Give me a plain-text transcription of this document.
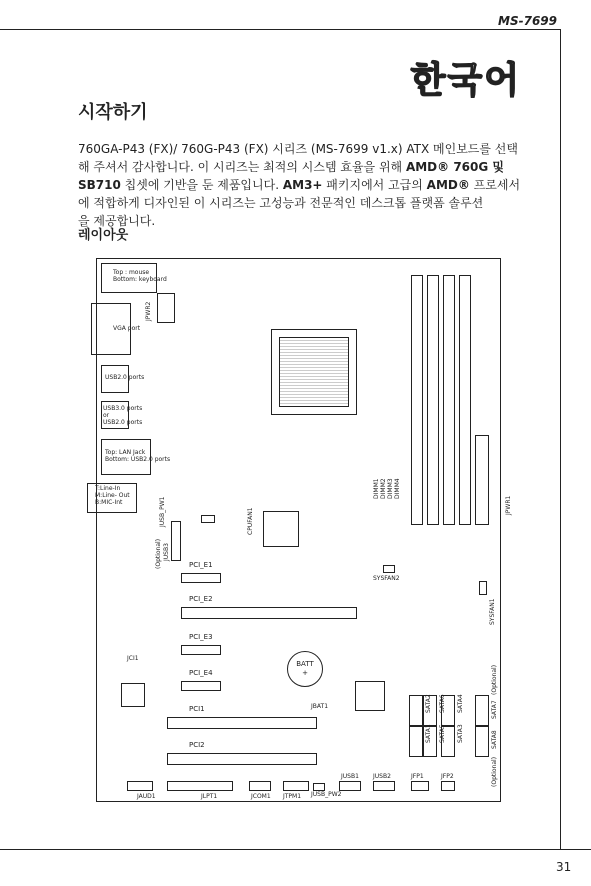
MS-7699
한국어
시작하기
760GA-P43 (FX)/ 760G-P43 (FX) 시리즈 (MS-7699 v1.x) ATX 메인보드를 선택
해 주셔서 감사합니다. 이 시리즈는 최적의 시스템 효율을 위해 AMD® 760G 및
SB710 칩셋에 기반을 둔 제품입니다. AM3+ 패키지에서 고급의 AMD® 프로세서
에 적합하게 디자인된 이 시리즈는 고성능과 전문적인 데스크톱 플랫폼 솔루션
을 제공합니다.
레이아웃
Top : mouse
Bottom: keyboard
JPWR2
VGA port
USB2.0 ports
USB3.0 ports
or
USB2.0 ports
Top: LAN Jack
Bottom: USB2.0 ports
T:Line-In
M:Line- Out
B:MIC-Int	JUSB_PW1	CPUFAN1
(Optional) JUSB3
DIMM1 DIMM2 DIMM3 DIMM4
JPWR1
PCI_E1
PCI_E2
PCI_E3
PCI_E4
PCI1
PCI2
SYSFAN2
SYSFAN1
JCI1
BATT
+
JBAT1
SATA1
SATA2
SATA3
SATA4
SATA5
SATA6	SATA7
SATA8
(Optional)
(Optional)
JAUD1	JLPT1	JCOM1 JTPM1 JUSB_PW2
JUSB1 JUSB2	JFP1	JFP2
31
